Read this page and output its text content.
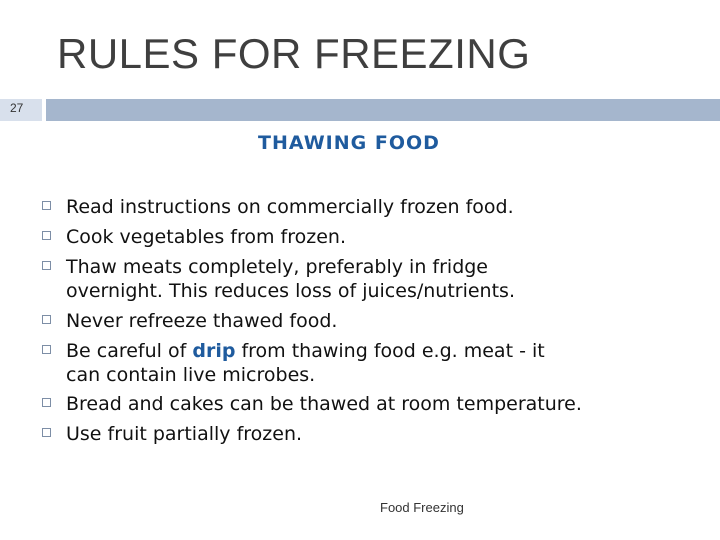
RULES FOR FREEZING
27
THAWING FOOD
Read instructions on commercially frozen food.
Cook vegetables from frozen.
Thaw meats completely, preferably in fridge
overnight. This reduces loss of juices/nutrients.
Never refreeze thawed food.
Be careful of drip from thawing food e.g. meat - it
can contain live microbes.
Bread and cakes can be thawed at room temperature.
Use fruit partially frozen.
Food Freezing
